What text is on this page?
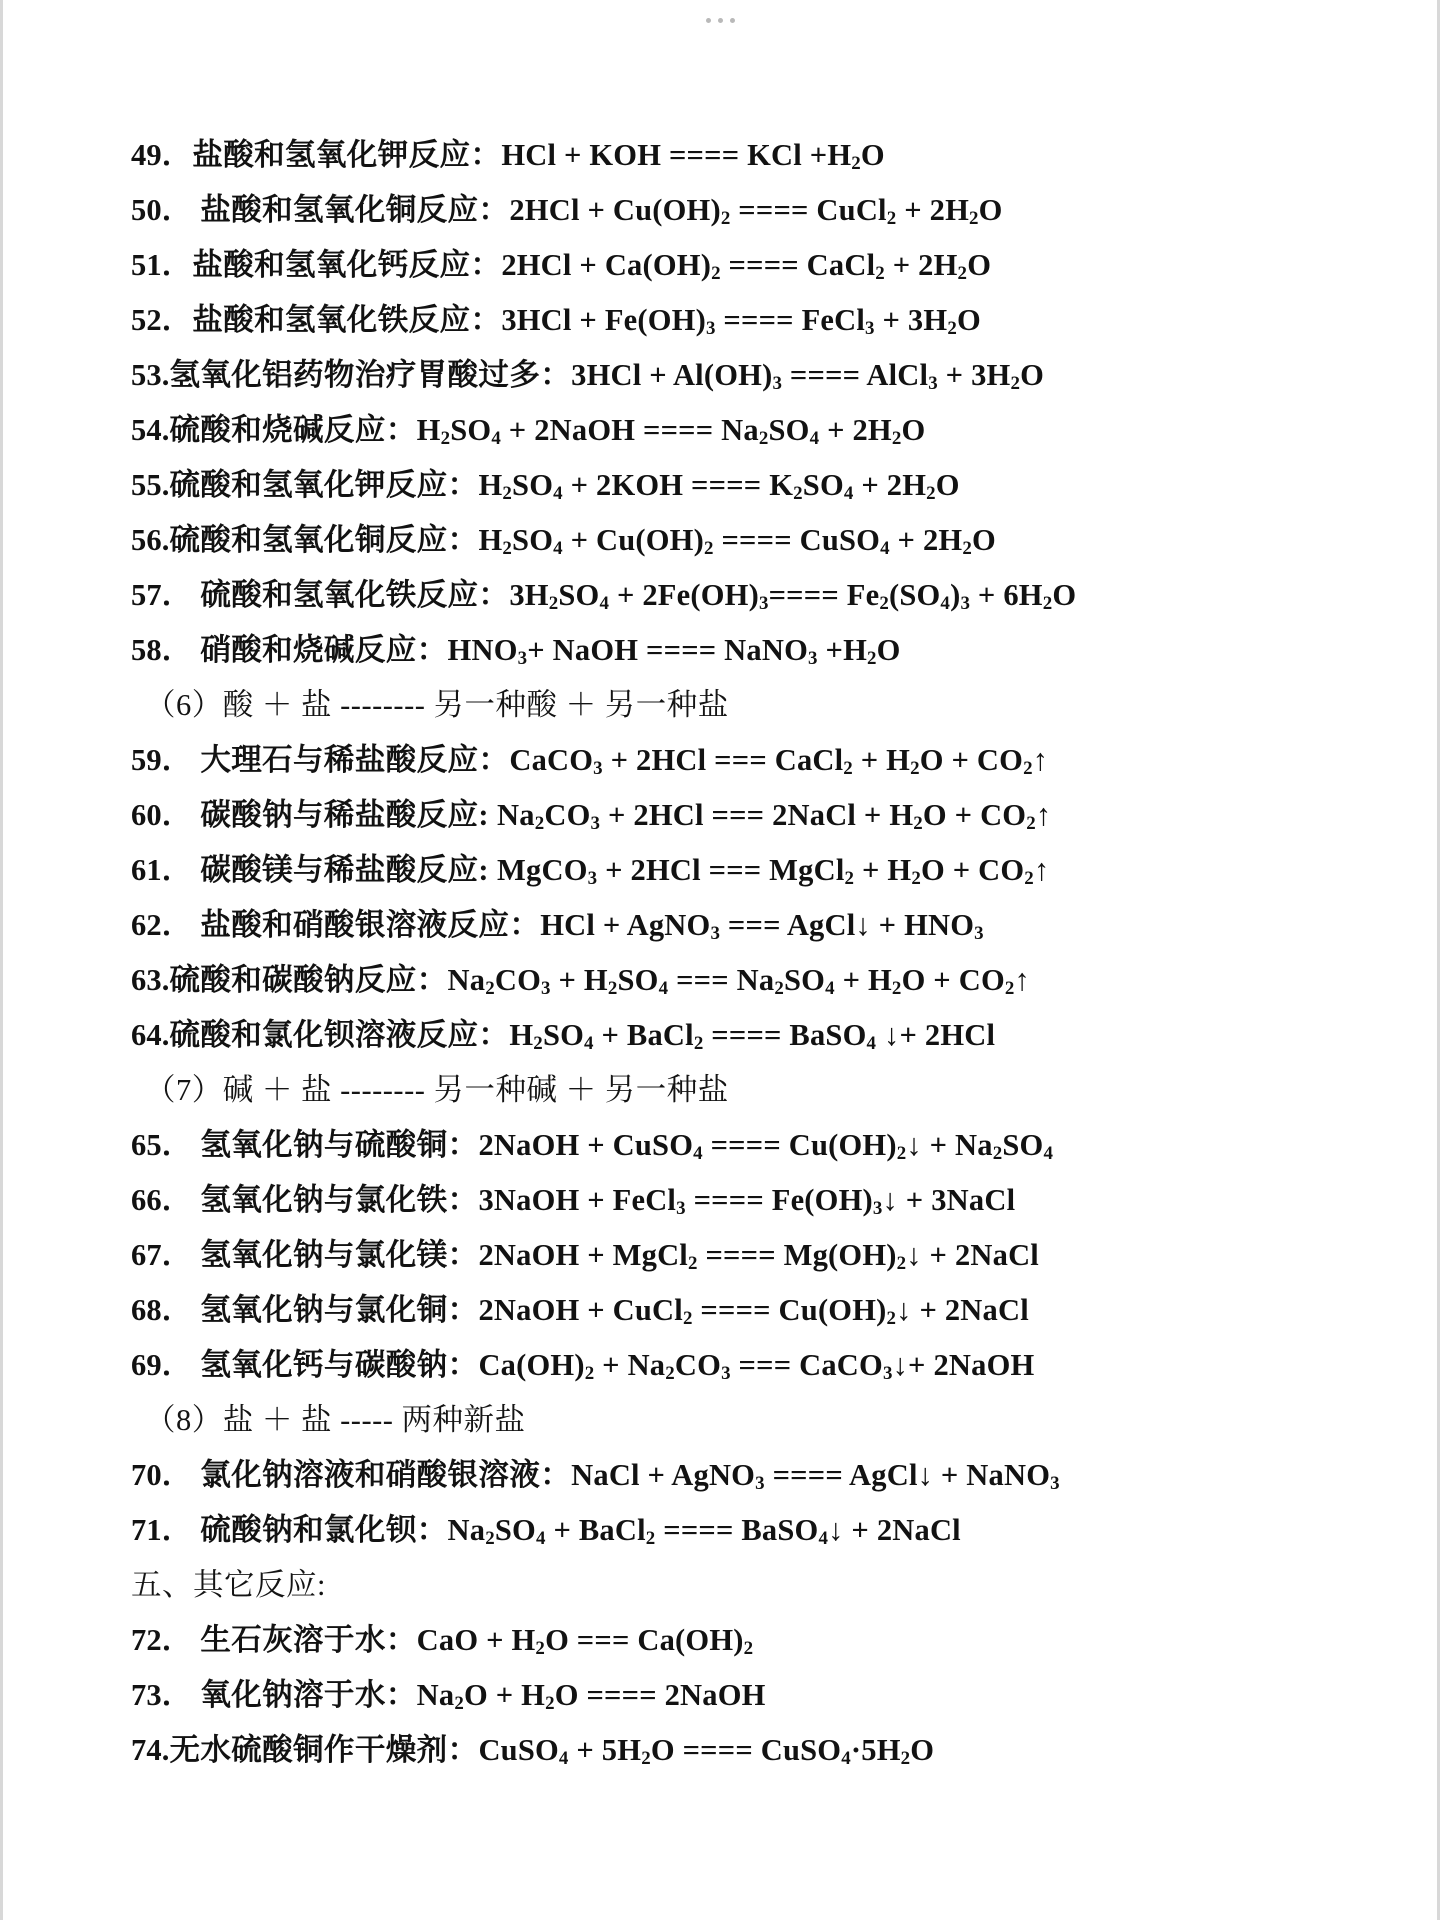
49．盐酸和氢氧化钾反应：HCl + KOH ==== KCl $+H_2O$
50． 盐酸和氢氧化铜反应：$2HCl + Cu(OH)_2$ ==== CuCl$_2$ + $2H_2O$
51．盐酸和氢氧化钙反应：$2HCl + Ca(OH)_2$ ==== CaCl$_2$ + $2H_2O$
52．盐酸和氢氧化铁反应：$3HCl + Fe(OH)_3$ ==== FeCl$_3$ + $3H_2O$
53.氢氧化铝药物治疗胃酸过多：$3HCl + Al(OH)_3$ ==== AlCl$_3$ + $3H_2O$
54.硫酸和烧碱反应：$H_2SO_4$ + 2NaOH ==== $Na_2SO_4 + 2H_2O$
55.硫酸和氢氧化钾反应：$H_2SO_4 + 2KOH$ ==== $K_2SO_4 + 2H_2O$
56.硫酸和氢氧化铜反应：$H_2SO_4 + Cu(OH)_2$ ==== CuSO$_4$ + $2H_2O$
57． 硫酸和氢氧化铁反应：$3H_2SO_4 + 2Fe(OH)_3==== Fe_2(SO_4)_3 + 6H_2O$
58． 硝酸和烧碱反应：$HNO_3+$ NaOH ==== NaNO$_3$ $+H_2O$
（6）酸 ＋ 盐 -------- 另一种酸 ＋ 另一种盐
59． 大理石与稀盐酸反应：CaCO$_3$ + 2HCl === CaCl$_2$ + $H_2O$ + $CO_2↑$
60． 碳酸钠与稀盐酸反应: $Na_2CO_3 + 2HCl$ === 2NaCl + $H_2O$ + $CO_2↑$
61． 碳酸镁与稀盐酸反应: MgCO$_3$ + 2HCl === MgCl$_2$ + $H_2O$ + $CO_2↑$
62． 盐酸和硝酸银溶液反应：HCl + AgNO$_3$ === AgCl↓ + $HNO_3$
63.硫酸和碳酸钠反应：$Na_2CO_3 + H_2SO_4$ === $Na_2SO_4 + H_2O$ + $CO_2↑$
64.硫酸和氯化钡溶液反应：$H_2SO_4$ + BaCl$_2$ ==== BaSO$_4$ ↓+ 2HCl
（7）碱 ＋ 盐 -------- 另一种碱 ＋ 另一种盐
65． 氢氧化钠与硫酸铜：2NaOH + CuSO$_4$ ==== $Cu(OH)_2↓ + Na_2SO_4$
66． 氢氧化钠与氯化铁：3NaOH + FeCl$_3$ ==== $Fe(OH)_3↓$ + 3NaCl
67． 氢氧化钠与氯化镁：2NaOH + MgCl$_2$ ==== $Mg(OH)_2↓$ + 2NaCl
68． 氢氧化钠与氯化铜：2NaOH + CuCl$_2$ ==== $Cu(OH)_2↓$ + 2NaCl
69． 氢氧化钙与碳酸钠：$Ca(OH)_2 + Na_2CO_3$ === CaCO$_3$↓+ 2NaOH
（8）盐 ＋ 盐 ----- 两种新盐
70． 氯化钠溶液和硝酸银溶液：NaCl + AgNO$_3$ ==== AgCl↓ + NaNO$_3$
71． 硫酸钠和氯化钡：$Na_2SO_4$ + BaCl$_2$ ==== BaSO$_4$↓ + 2NaCl
五、其它反应:
72． 生石灰溶于水：CaO + $H_2O$ === $Ca(OH)_2$
73． 氧化钠溶于水：$Na_2O + H_2O$ ==== 2NaOH
74.无水硫酸铜作干燥剂：CuSO$_4$ + $5H_2O$ ==== $CuSO_4\cdot 5H_2O$
